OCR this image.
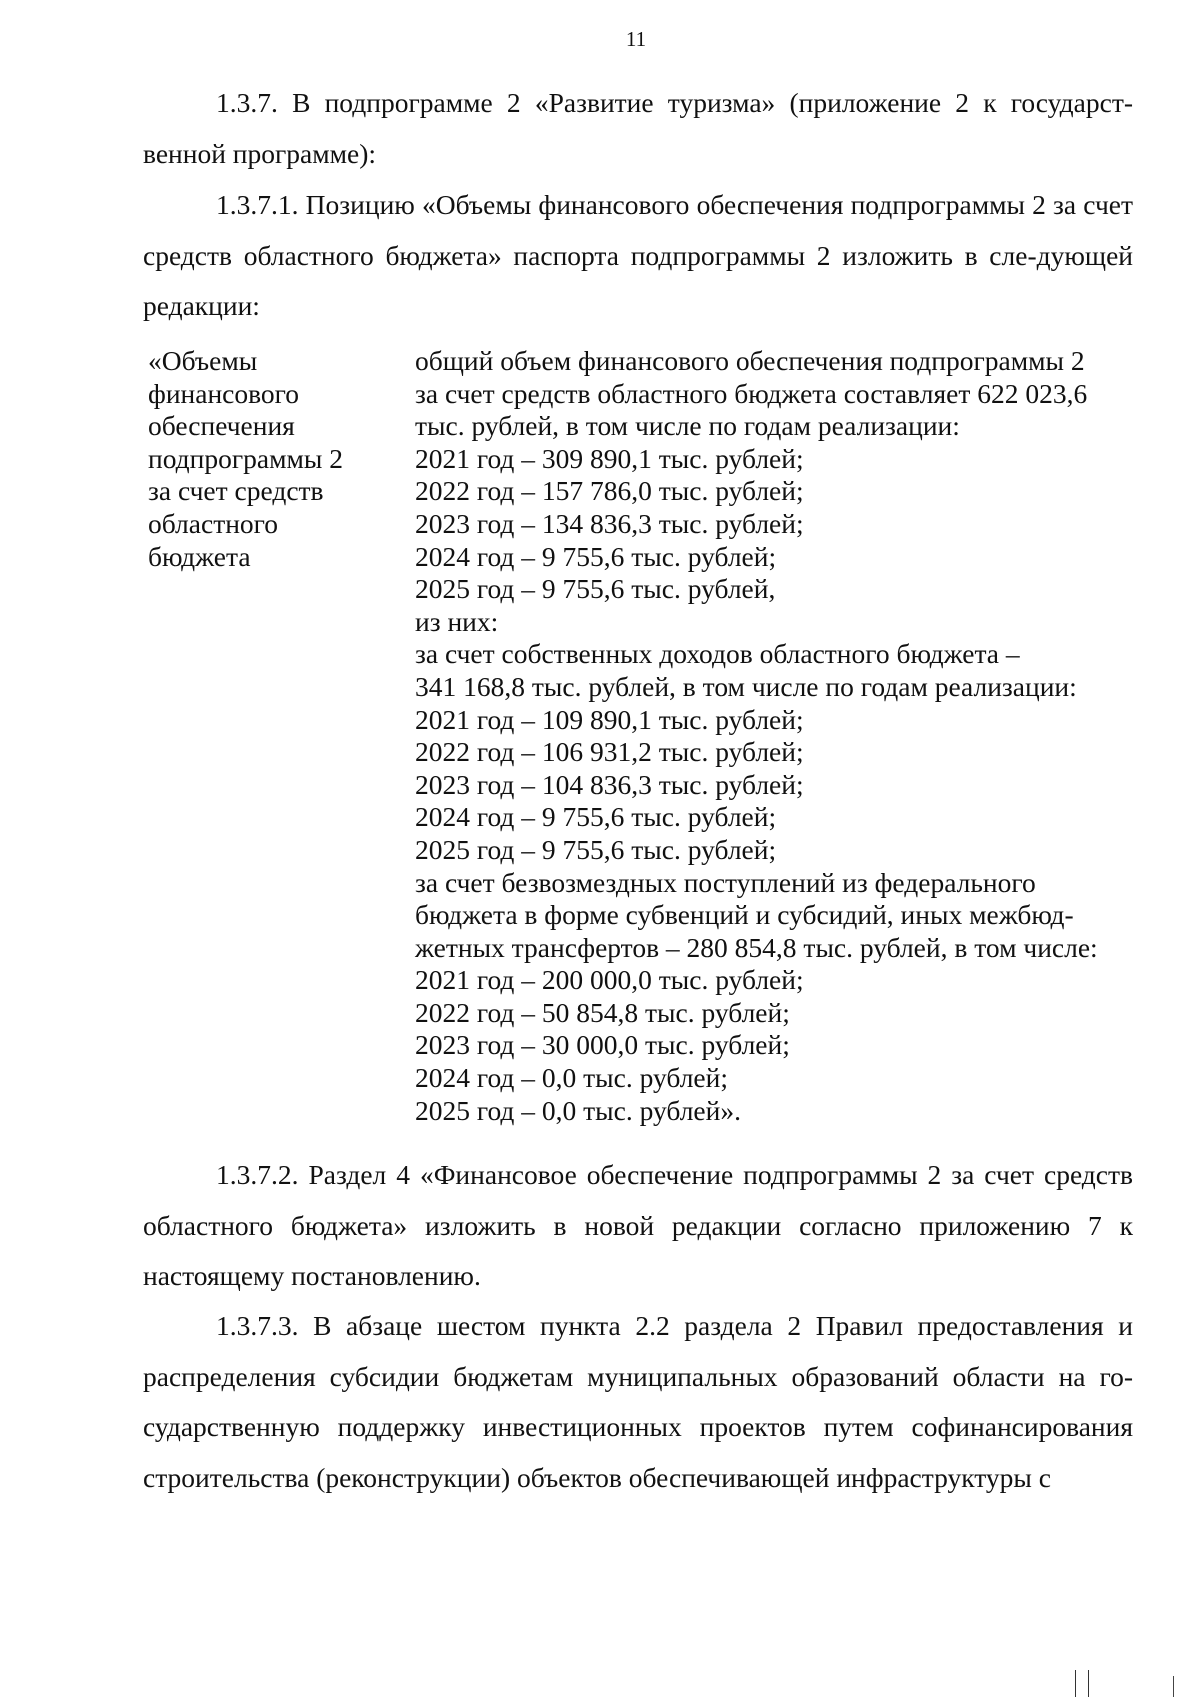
11

1.3.7. В подпрограмме 2 «Развитие туризма» (приложение 2 к государст-венной программе):

1.3.7.1. Позицию «Объемы финансового обеспечения подпрограммы 2 за счет средств областного бюджета» паспорта подпрограммы 2 изложить в сле-дующей редакции:

«Объемы
финансового
обеспечения
подпрограммы 2
за счет средств
областного
бюджета
общий объем финансового обеспечения подпрограммы 2
за счет средств областного бюджета составляет 622 023,6
тыс. рублей, в том числе по годам реализации:
2021 год – 309 890,1 тыс. рублей;
2022 год – 157 786,0 тыс. рублей;
2023 год – 134 836,3 тыс. рублей;
2024 год – 9 755,6 тыс. рублей;
2025 год – 9 755,6 тыс. рублей,
из них:
за счет собственных доходов областного бюджета –
341 168,8 тыс. рублей, в том числе по годам реализации:
2021 год – 109 890,1 тыс. рублей;
2022 год – 106 931,2 тыс. рублей;
2023 год – 104 836,3 тыс. рублей;
2024 год – 9 755,6 тыс. рублей;
2025 год – 9 755,6 тыс. рублей;
за счет безвозмездных поступлений из федерального
бюджета в форме субвенций и субсидий, иных межбюд-
жетных трансфертов – 280 854,8 тыс. рублей, в том числе:
2021 год – 200 000,0 тыс. рублей;
2022 год – 50 854,8 тыс. рублей;
2023 год – 30 000,0 тыс. рублей;
2024 год – 0,0 тыс. рублей;
2025 год – 0,0 тыс. рублей».

1.3.7.2. Раздел 4 «Финансовое обеспечение подпрограммы 2 за счет средств областного бюджета» изложить в новой редакции согласно приложению 7 к настоящему постановлению.

1.3.7.3. В абзаце шестом пункта 2.2 раздела 2 Правил предоставления и распределения субсидии бюджетам муниципальных образований области на го-сударственную поддержку инвестиционных проектов путем софинансирования строительства (реконструкции) объектов обеспечивающей инфраструктуры с
